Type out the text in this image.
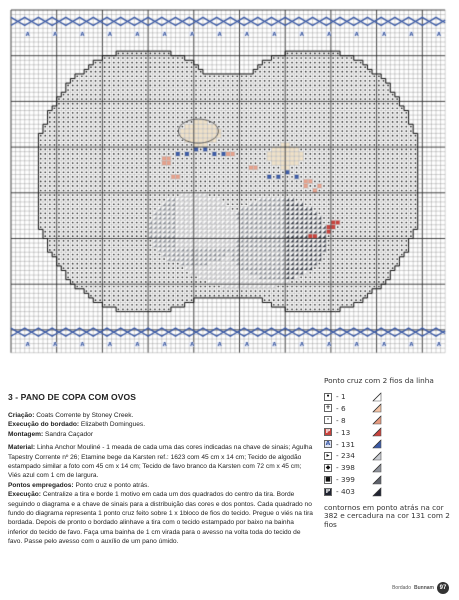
3 - PANO DE COPA COM OVOS

Criação: Coats Corrente by Stoney Creek.

Execução do bordado: Elizabeth Domingues.

Montagem: Sandra Caçador

Material: Linha Anchor Mouliné - 1 meada de cada uma das cores indicadas na chave de sinais; Agulha Tapestry Corrente nº 26; Etamine bege da Karsten ref.: 1623 com 45 cm x 14 cm; Tecido de algodão estampado similar a foto com 45 cm x 14 cm; Tecido de favo branco da Karsten com 72 cm x 45 cm; Viés azul com 1 cm de largura.

Pontos empregados: Ponto cruz e ponto atrás.

Execução: Centralize a tira e borde 1 motivo em cada um dos quadrados do centro da tira. Borde seguindo o diagrama e a chave de sinais para a distribuição das cores e dos pontos. Cada quadrado no fundo do diagrama representa 1 ponto cruz feito sobre 1 x 1bloco de fios do tecido. Pregue o viés na tira bordada. Depois de pronto o bordado alinhave a tira com o tecido estampado por baixo na bainha inferior do tecido de favo. Faça uma bainha de 1 cm virada para o avesso na volta toda do tecido de favo. Passe pelo avesso com o auxílio de um pano úmido.

Ponto cruz com 2 fios da linha
• - 1
+ - 6
· - 8
P - 13
A - 131
▸ - 234
◆ - 398
■ - 399
P - 403
contornos em ponto atrás na cor 382 e cercadura na cor 131 com 2 fios
Bordado Bunnam 97
